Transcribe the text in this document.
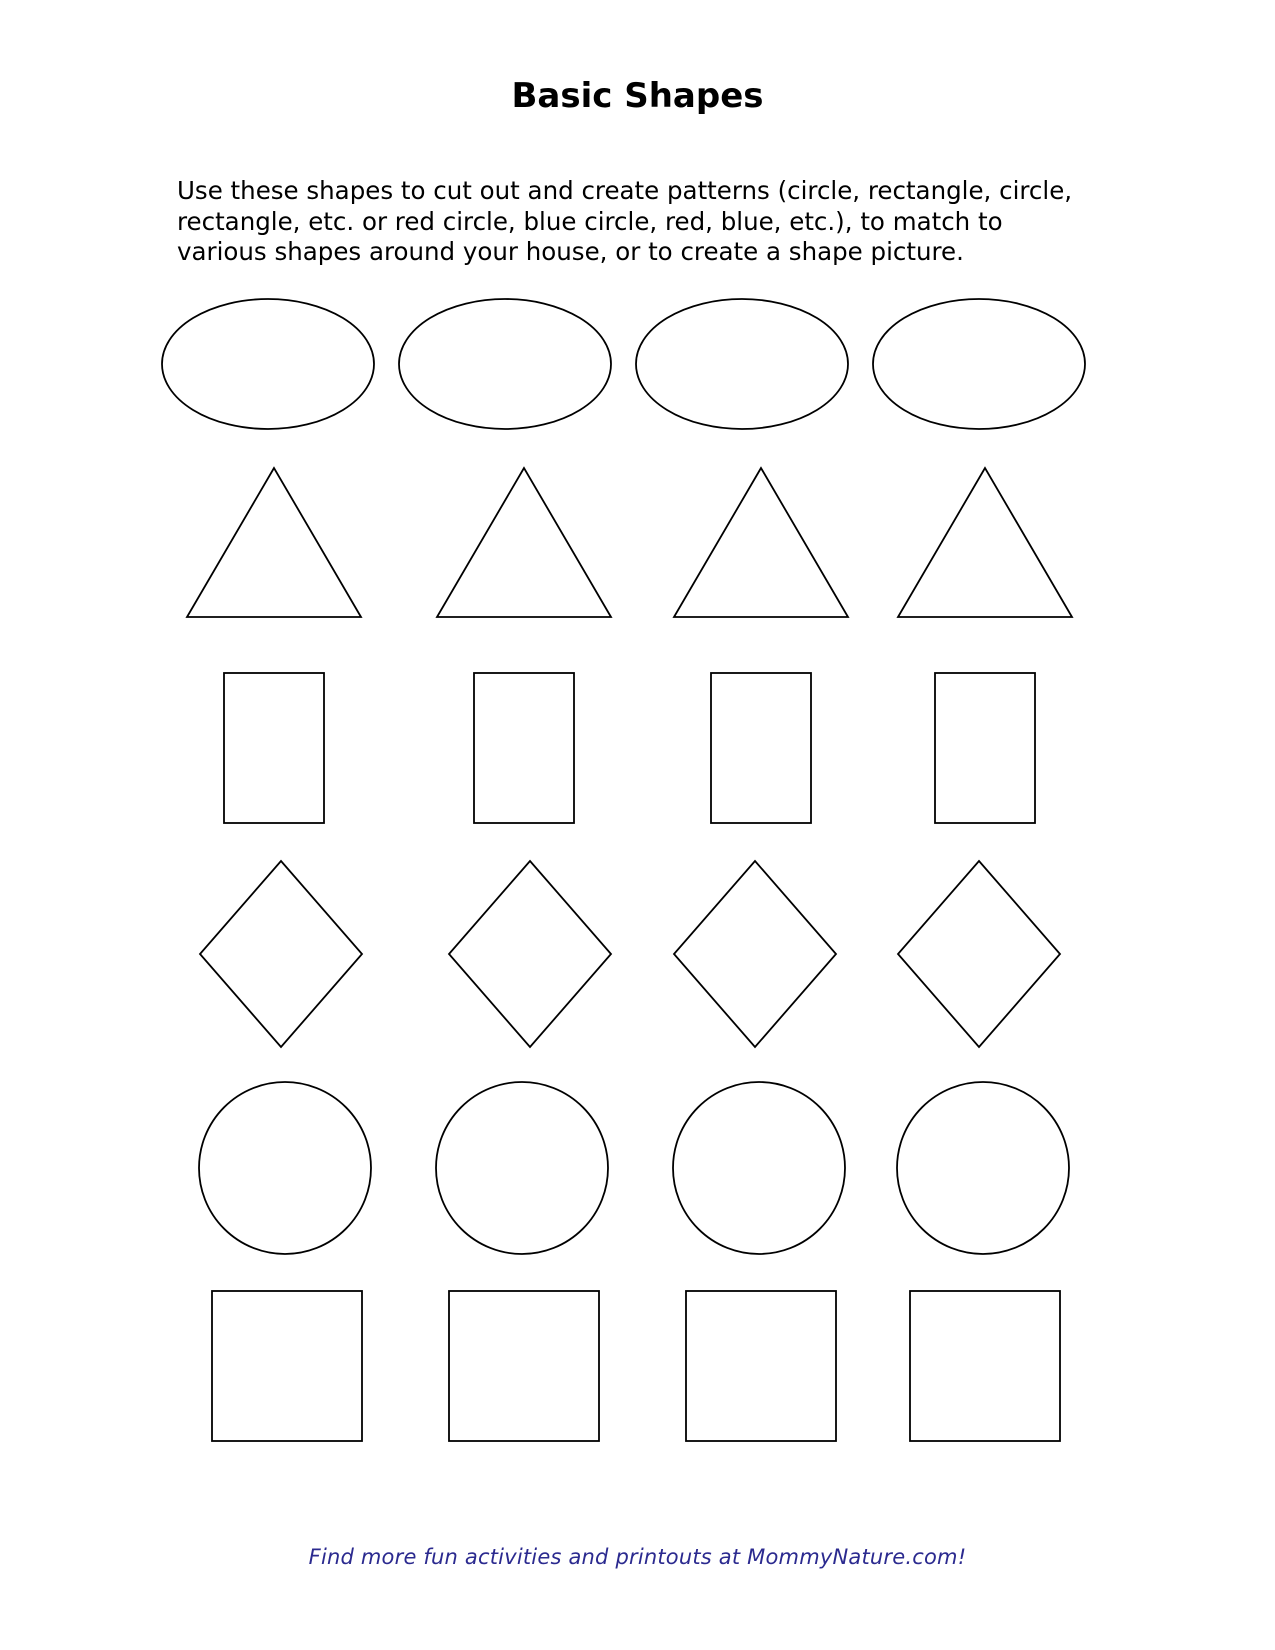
Basic Shapes

Use these shapes to cut out and create patterns (circle, rectangle, circle,
rectangle, etc. or red circle, blue circle, red, blue, etc.), to match to
various shapes around your house, or to create a shape picture.

Find more fun activities and printouts at MommyNature.com!
